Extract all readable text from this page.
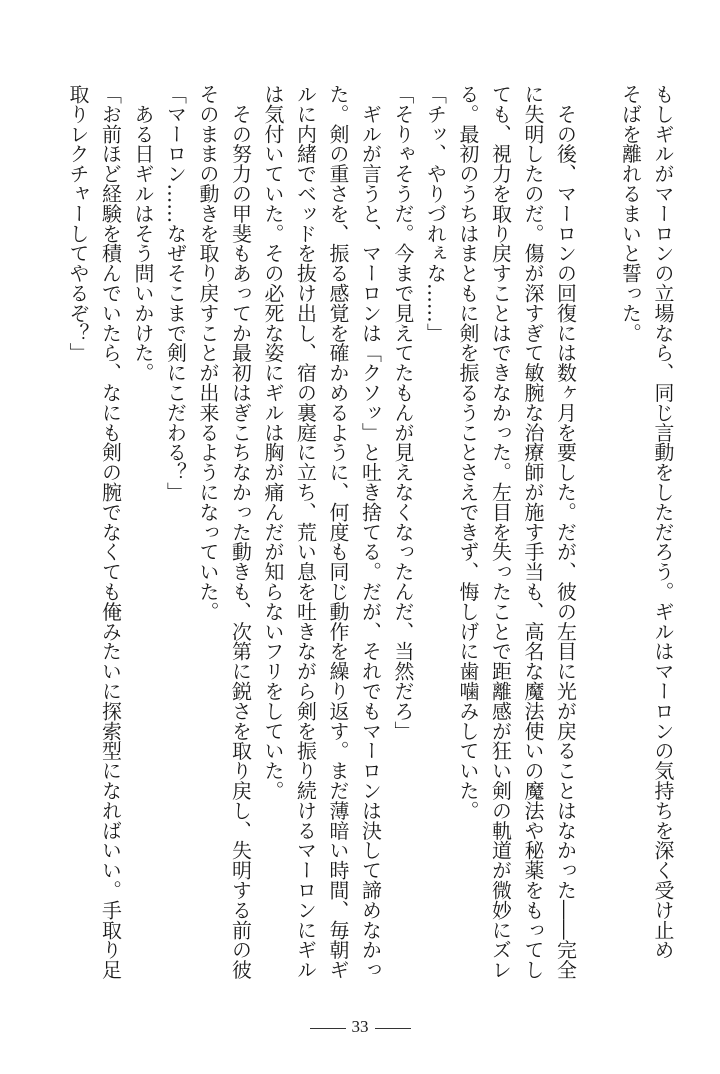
もしギルがマーロンの立場なら、同じ言動をしただろう。ギルはマーロンの気持ちを深く受け止め
そばを離れるまいと誓った。
　その後、マーロンの回復には数ヶ月を要した。だが、彼の左目に光が戻ることはなかった――完全
に失明したのだ。傷が深すぎて敏腕な治療師が施す手当も、高名な魔法使いの魔法や秘薬をもってし
ても、視力を取り戻すことはできなかった。左目を失ったことで距離感が狂い剣の軌道が微妙にズレ
る。最初のうちはまともに剣を振るうことさえできず、悔しげに歯噛みしていた。
「チッ、やりづれぇな……」
「そりゃそうだ。今まで見えてたもんが見えなくなったんだ、当然だろ」
　ギルが言うと、マーロンは「クソッ」と吐き捨てる。だが、それでもマーロンは決して諦めなかっ
た。剣の重さを、振る感覚を確かめるように、何度も同じ動作を繰り返す。まだ薄暗い時間、毎朝ギ
ルに内緒でベッドを抜け出し、宿の裏庭に立ち、荒い息を吐きながら剣を振り続けるマーロンにギル
は気付いていた。その必死な姿にギルは胸が痛んだが知らないフリをしていた。
　その努力の甲斐もあってか最初はぎこちなかった動きも、次第に鋭さを取り戻し、失明する前の彼
そのままの動きを取り戻すことが出来るようになっていた。
「マーロン……なぜそこまで剣にこだわる？」
　ある日ギルはそう問いかけた。
「お前ほど経験を積んでいたら、なにも剣の腕でなくても俺みたいに探索型になればいい。手取り足
取りレクチャーしてやるぞ？」
33
